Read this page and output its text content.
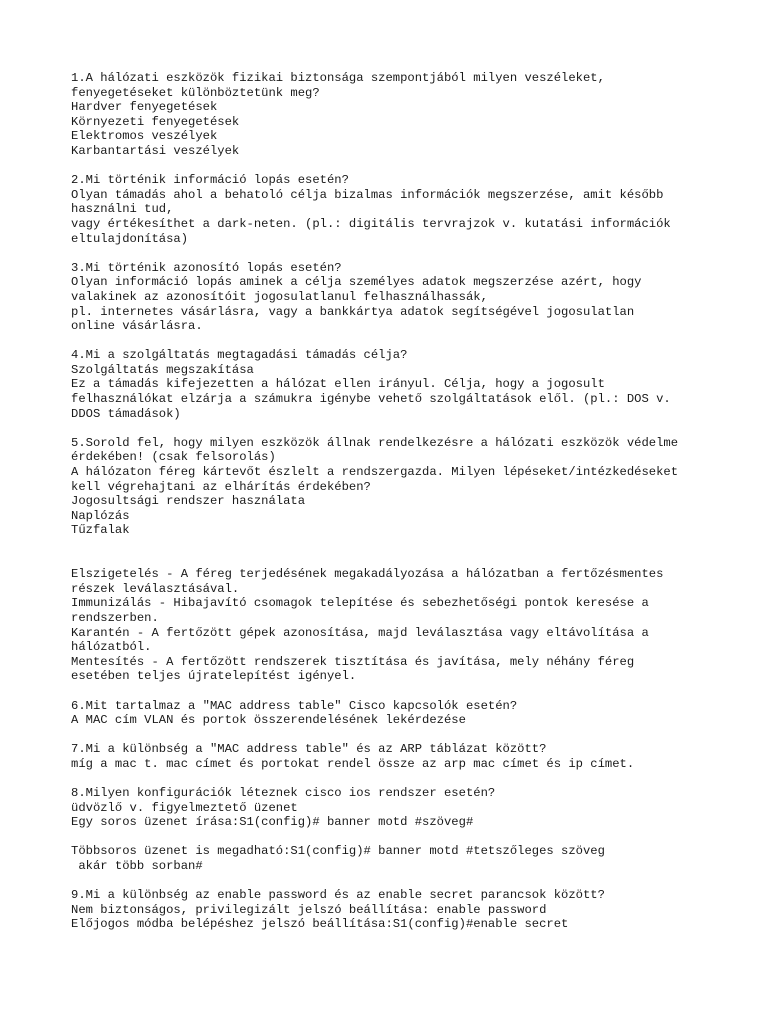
1.A hálózati eszközök fizikai biztonsága szempontjából milyen veszéleket,
fenyegetéseket különböztetünk meg?
Hardver fenyegetések
Környezeti fenyegetések
Elektromos veszélyek
Karbantartási veszélyek
2.Mi történik információ lopás esetén?
Olyan támadás ahol a behatoló célja bizalmas információk megszerzése, amit később
használni tud,
vagy értékesíthet a dark-neten. (pl.: digitális tervrajzok v. kutatási információk
eltulajdonítása)
3.Mi történik azonosító lopás esetén?
Olyan információ lopás aminek a célja személyes adatok megszerzése azért, hogy
valakinek az azonosítóit jogosulatlanul felhasználhassák,
pl. internetes vásárlásra, vagy a bankkártya adatok segítségével jogosulatlan
online vásárlásra.
4.Mi a szolgáltatás megtagadási támadás célja?
Szolgáltatás megszakítása
Ez a támadás kifejezetten a hálózat ellen irányul. Célja, hogy a jogosult
felhasználókat elzárja a számukra igénybe vehető szolgáltatások elől. (pl.: DOS v.
DDOS támadások)
5.Sorold fel, hogy milyen eszközök állnak rendelkezésre a hálózati eszközök védelme
érdekében! (csak felsorolás)
A hálózaton féreg kártevőt észlelt a rendszergazda. Milyen lépéseket/intézkedéseket
kell végrehajtani az elhárítás érdekében?
Jogosultsági rendszer használata
Naplózás
Tűzfalak
Elszigetelés - A féreg terjedésének megakadályozása a hálózatban a fertőzésmentes
részek leválasztásával.
Immunizálás - Hibajavító csomagok telepítése és sebezhetőségi pontok keresése a
rendszerben.
Karantén - A fertőzött gépek azonosítása, majd leválasztása vagy eltávolítása a
hálózatból.
Mentesítés - A fertőzött rendszerek tisztítása és javítása, mely néhány féreg
esetében teljes újratelepítést igényel.
6.Mit tartalmaz a "MAC address table" Cisco kapcsolók esetén?
A MAC cím VLAN és portok összerendelésének lekérdezése
7.Mi a különbség a "MAC address table" és az ARP táblázat között?
míg a mac t. mac címet és portokat rendel össze az arp mac címet és ip címet.
8.Milyen konfigurációk léteznek cisco ios rendszer esetén?
üdvözlő v. figyelmeztető üzenet
Egy soros üzenet írása:S1(config)# banner motd #szöveg#
Többsoros üzenet is megadható:S1(config)# banner motd #tetszőleges szöveg
akár több sorban#
9.Mi a különbség az enable password és az enable secret parancsok között?
Nem biztonságos, privilegizált jelszó beállítása: enable password
Előjogos módba belépéshez jelszó beállítása:S1(config)#enable secret
